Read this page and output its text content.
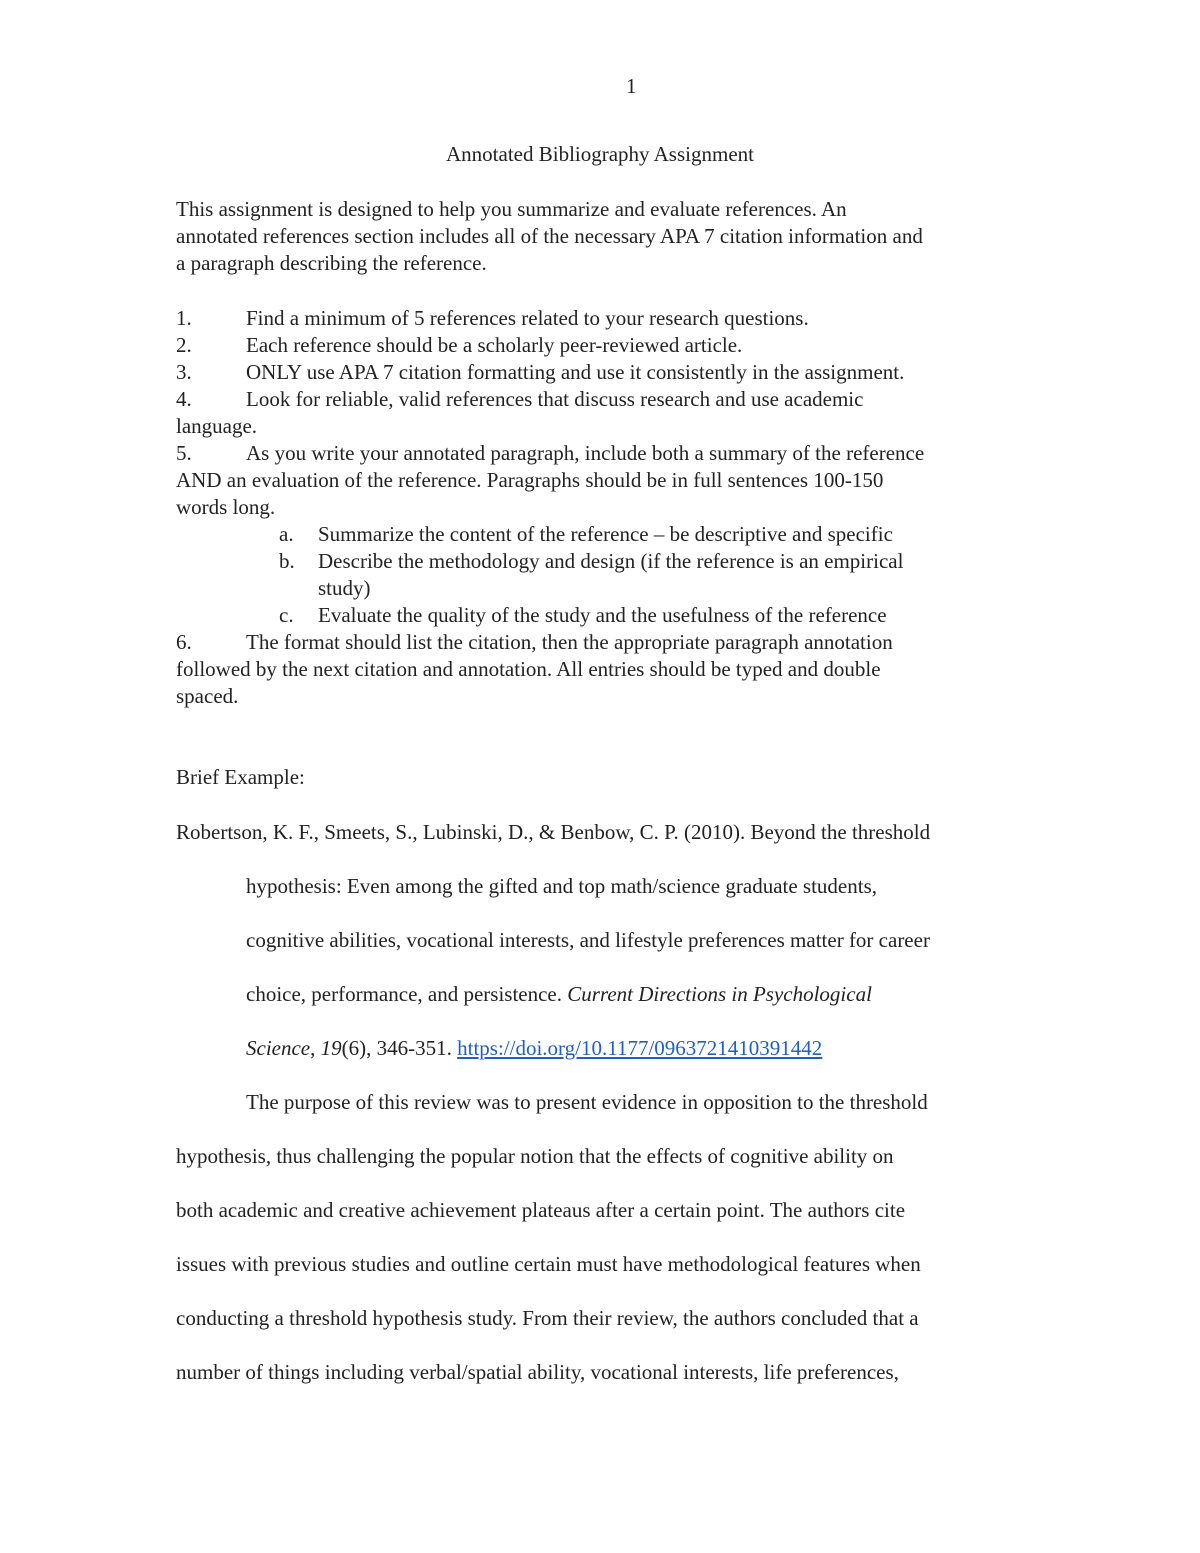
1
Annotated Bibliography Assignment
This assignment is designed to help you summarize and evaluate references. An
annotated references section includes all of the necessary APA 7 citation information and
a paragraph describing the reference.
1.	Find a minimum of 5 references related to your research questions.
2.	Each reference should be a scholarly peer-reviewed article.
3.	ONLY use APA 7 citation formatting and use it consistently in the assignment.
4.	Look for reliable, valid references that discuss research and use academic
language.
5.	As you write your annotated paragraph, include both a summary of the reference
AND an evaluation of the reference. Paragraphs should be in full sentences 100-150
words long.
a. Summarize the content of the reference – be descriptive and specific
b. Describe the methodology and design (if the reference is an empirical
study)
c. Evaluate the quality of the study and the usefulness of the reference
6.	The format should list the citation, then the appropriate paragraph annotation
followed by the next citation and annotation. All entries should be typed and double
spaced.
Brief Example:
Robertson, K. F., Smeets, S., Lubinski, D., & Benbow, C. P. (2010). Beyond the threshold
hypothesis: Even among the gifted and top math/science graduate students,
cognitive abilities, vocational interests, and lifestyle preferences matter for career
choice, performance, and persistence. Current Directions in Psychological
Science, 19(6), 346-351. https://doi.org/10.1177/0963721410391442
The purpose of this review was to present evidence in opposition to the threshold
hypothesis, thus challenging the popular notion that the effects of cognitive ability on
both academic and creative achievement plateaus after a certain point. The authors cite
issues with previous studies and outline certain must have methodological features when
conducting a threshold hypothesis study. From their review, the authors concluded that a
number of things including verbal/spatial ability, vocational interests, life preferences,
